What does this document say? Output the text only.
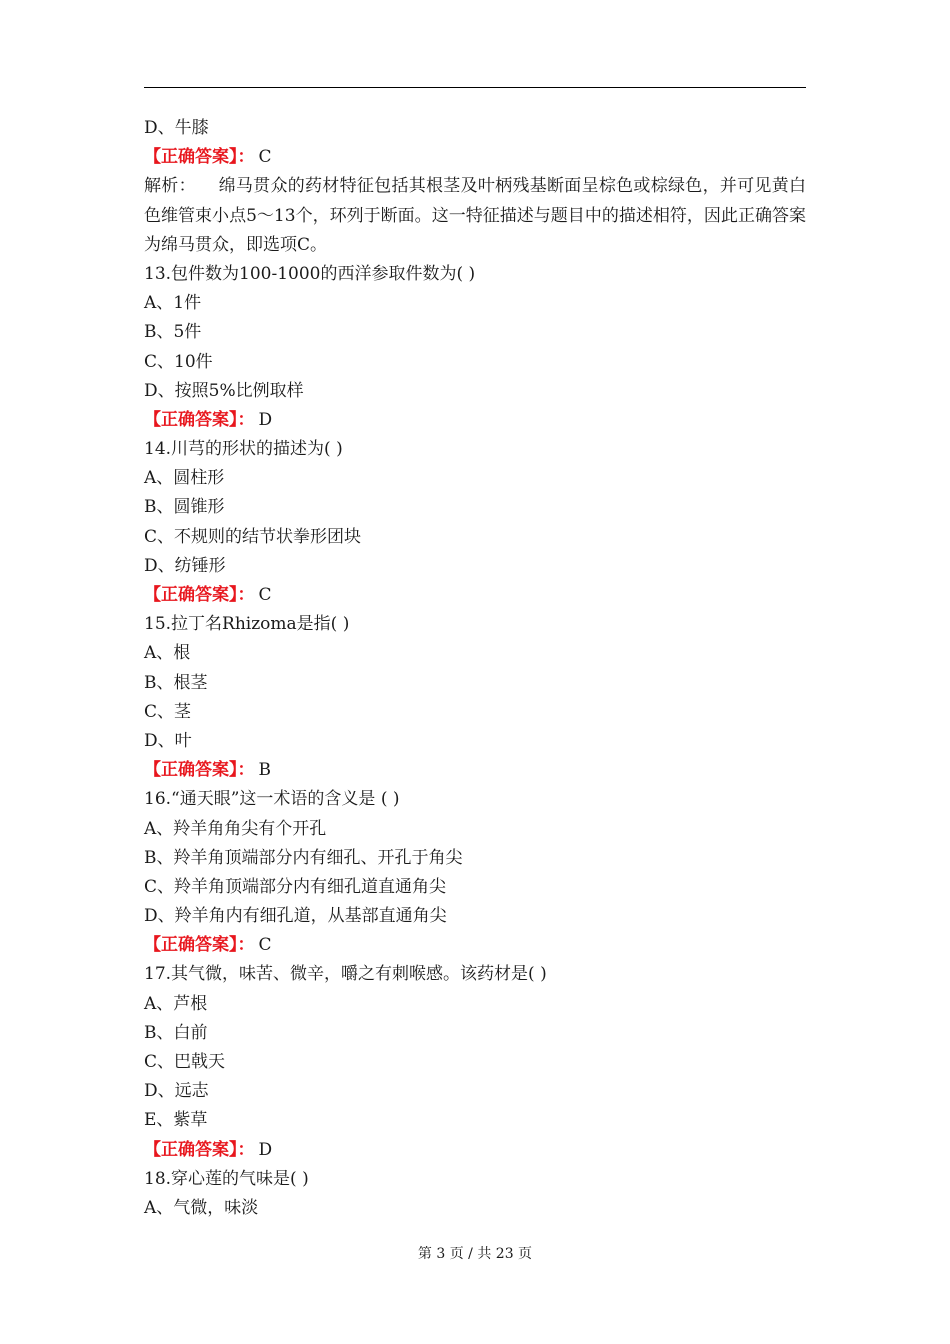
D、牛膝
【正确答案】： C
解析：    绵马贯众的药材特征包括其根茎及叶柄残基断面呈棕色或棕绿色，并可见黄白色维管束小点5～13个，环列于断面。这一特征描述与题目中的描述相符，因此正确答案为绵马贯众，即选项C。
13.包件数为100-1000的西洋参取件数为( )
A、1件
B、5件
C、10件
D、按照5%比例取样
【正确答案】： D
14.川芎的形状的描述为( )
A、圆柱形
B、圆锥形
C、不规则的结节状拳形团块
D、纺锤形
【正确答案】： C
15.拉丁名Rhizoma是指( )
A、根
B、根茎
C、茎
D、叶
【正确答案】： B
16.“通天眼”这一术语的含义是 ( )
A、羚羊角角尖有个开孔
B、羚羊角顶端部分内有细孔、开孔于角尖
C、羚羊角顶端部分内有细孔道直通角尖
D、羚羊角内有细孔道，从基部直通角尖
【正确答案】： C
17.其气微，味苦、微辛，嚼之有刺喉感。该药材是( )
A、芦根
B、白前
C、巴戟天
D、远志
E、紫草
【正确答案】： D
18.穿心莲的气味是( )
A、气微，味淡
第 3 页 / 共 23 页
